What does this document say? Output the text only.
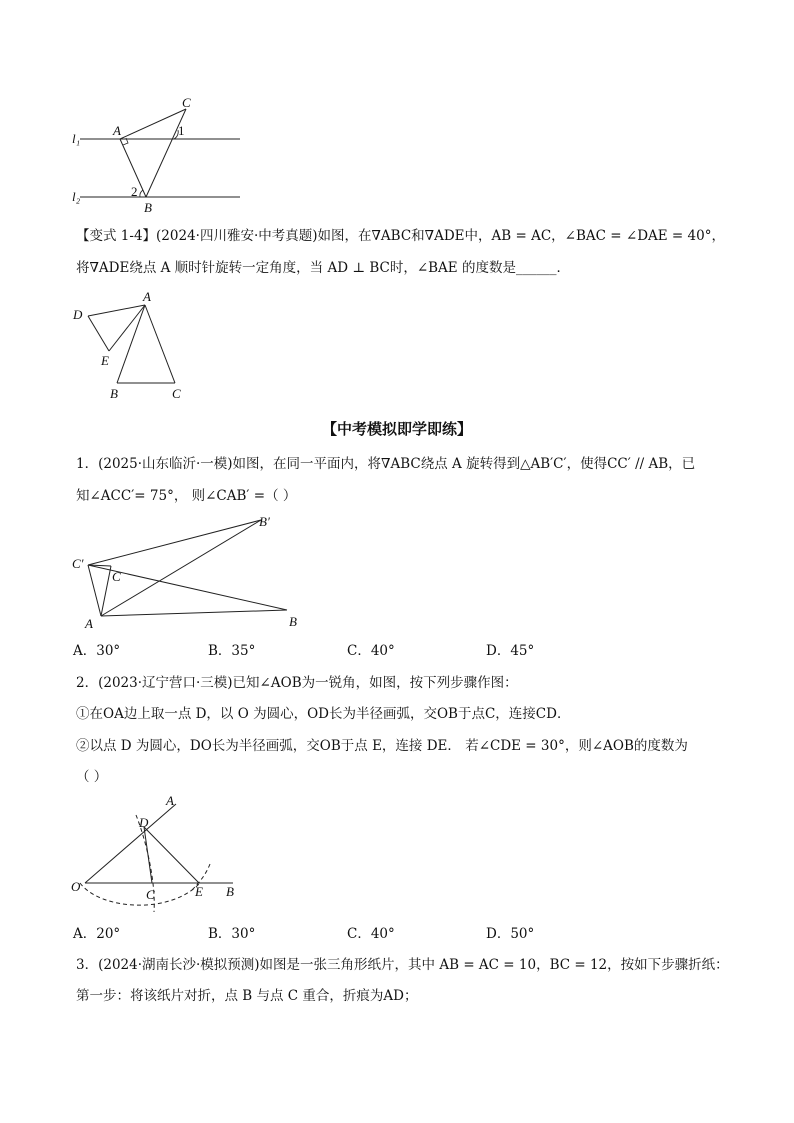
l₁
l₂
A
C
1
2
B
【变式 1-4】(2024·四川雅安·中考真题)如图，在∇ABC和∇ADE中，AB = AC，∠BAC = ∠DAE = 40°，
将∇ADE绕点 A 顺时针旋转一定角度，当 AD ⊥ BC时，∠BAE 的度数是______．
A
D
E
B	C
【中考模拟即学即练】
1．(2025·山东临沂·一模)如图，在同一平面内，将∇ABC绕点 A 旋转得到△AB′C′，使得CC′ // AB，已
知∠ACC′= 75°， 则∠CAB′ =（ ）
C′
C
B′
A	B
A．30°	B．35°	C．40°	D．45°
2．(2023·辽宁营口·三模)已知∠AOB为一锐角，如图，按下列步骤作图：
①在OA边上取一点 D，以 O 为圆心，OD长为半径画弧，交OB于点C，连接CD．
②以点 D 为圆心，DO长为半径画弧，交OB于点 E，连接 DE． 若∠CDE = 30°，则∠AOB的度数为
（ ）
A
D
O
C	E B
A．20°	B．30°	C．40°	D．50°
3．(2024·湖南长沙·模拟预测)如图是一张三角形纸片，其中 AB = AC = 10，BC = 12，按如下步骤折纸：
第一步：将该纸片对折，点 B 与点 C 重合，折痕为AD；
